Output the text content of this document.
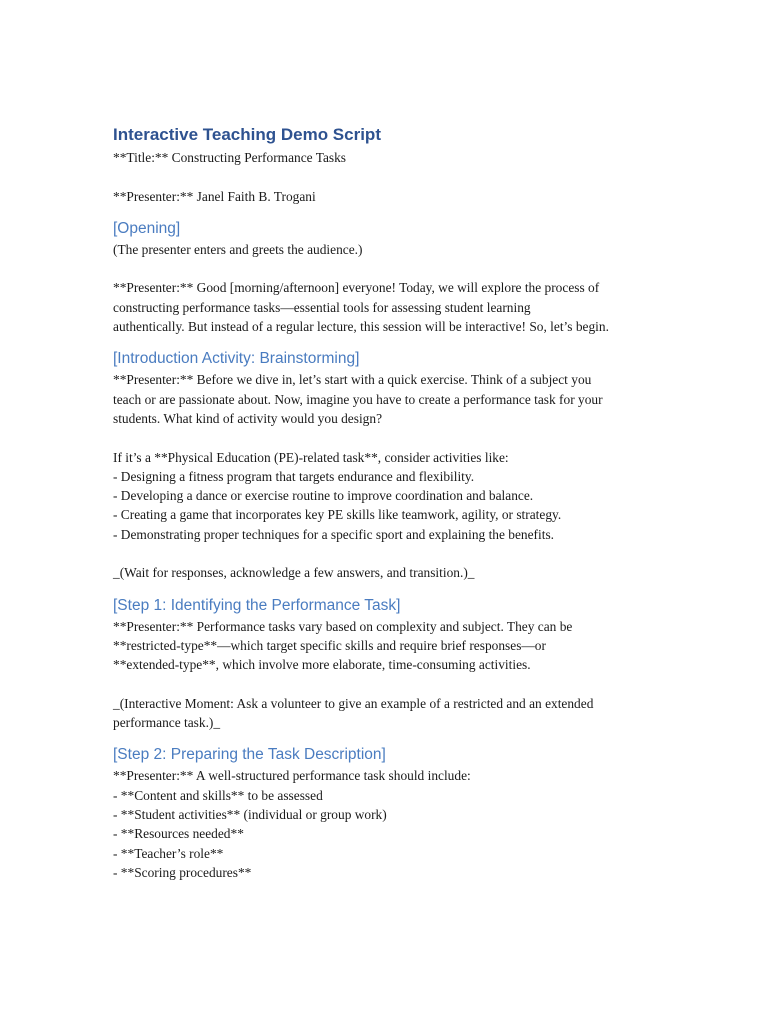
Interactive Teaching Demo Script

**Title:** Constructing Performance Tasks

**Presenter:** Janel Faith B. Trogani

[Opening]

(The presenter enters and greets the audience.)

**Presenter:** Good [morning/afternoon] everyone! Today, we will explore the process of

constructing performance tasks—essential tools for assessing student learning

authentically. But instead of a regular lecture, this session will be interactive! So, let’s begin.

[Introduction Activity: Brainstorming]

**Presenter:** Before we dive in, let’s start with a quick exercise. Think of a subject you

teach or are passionate about. Now, imagine you have to create a performance task for your

students. What kind of activity would you design?

If it’s a **Physical Education (PE)-related task**, consider activities like:

- Designing a fitness program that targets endurance and flexibility.

- Developing a dance or exercise routine to improve coordination and balance.

- Creating a game that incorporates key PE skills like teamwork, agility, or strategy.

- Demonstrating proper techniques for a specific sport and explaining the benefits.

_(Wait for responses, acknowledge a few answers, and transition.)_

[Step 1: Identifying the Performance Task]

**Presenter:** Performance tasks vary based on complexity and subject. They can be

**restricted-type**—which target specific skills and require brief responses—or

**extended-type**, which involve more elaborate, time-consuming activities.

_(Interactive Moment: Ask a volunteer to give an example of a restricted and an extended

performance task.)_

[Step 2: Preparing the Task Description]

**Presenter:** A well-structured performance task should include:

- **Content and skills** to be assessed

- **Student activities** (individual or group work)

- **Resources needed**

- **Teacher’s role**

- **Scoring procedures**
